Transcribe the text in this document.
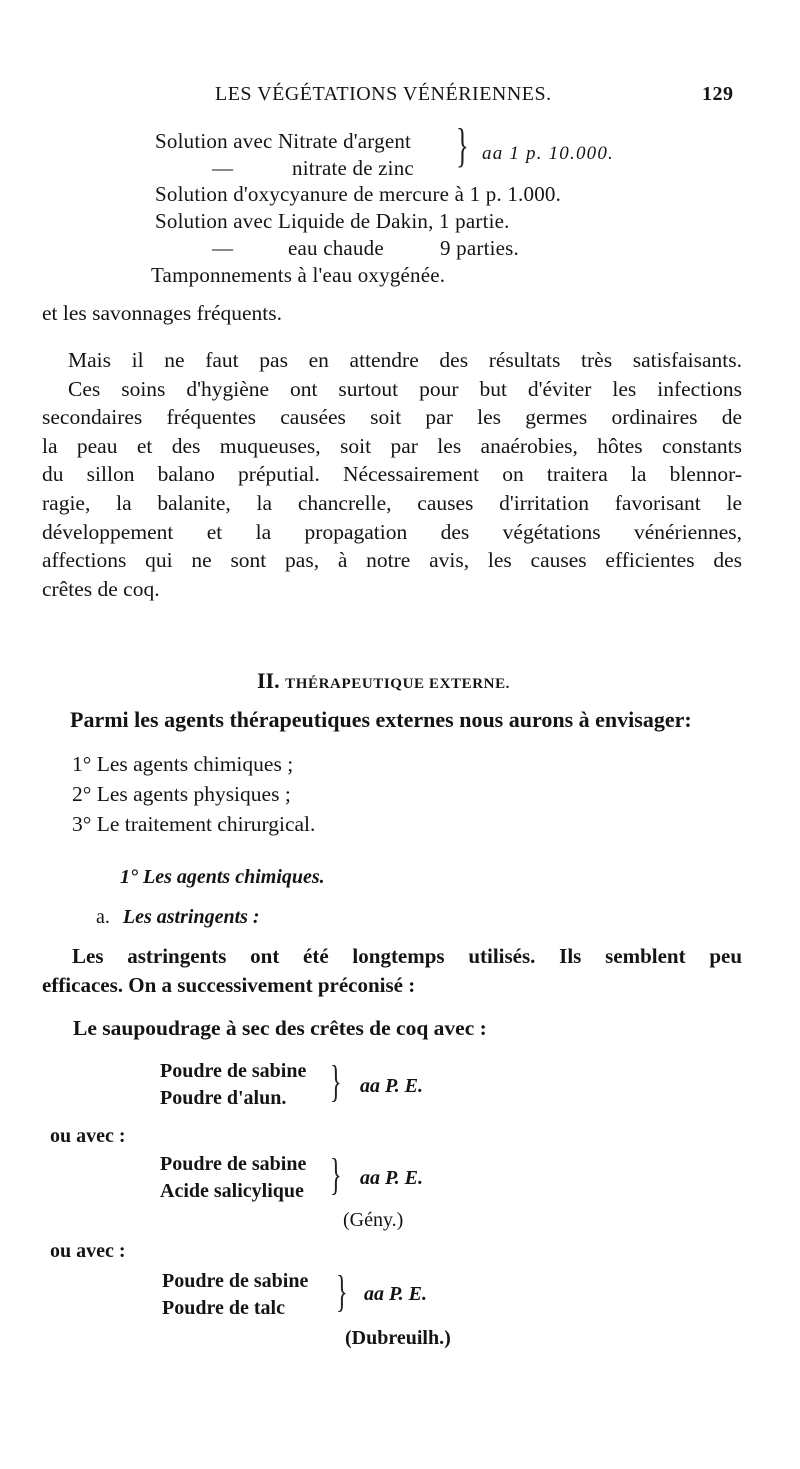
LES VÉGÉTATIONS VÉNÉRIENNES.	129
Solution avec Nitrate d'argent
—	nitrate de zinc } aa 1 p. 10.000.
Solution d'oxycyanure de mercure à 1 p. 1.000.
Solution avec Liquide de Dakin, 1 partie.
—	eau chaude	9 parties.
Tamponnements à l'eau oxygénée.
et les savonnages fréquents.
Mais il ne faut pas en attendre des résultats très satisfaisants.
Ces soins d'hygiène ont surtout pour but d'éviter les infections
secondaires fréquentes causées soit par les germes ordinaires de
la peau et des muqueuses, soit par les anaérobies, hôtes constants
du sillon balano préputial. Nécessairement on traitera la blennor-
ragie, la balanite, la chancrelle, causes d'irritation favorisant le
développement et la propagation des végétations vénériennes,
affections qui ne sont pas, à notre avis, les causes efficientes des
crêtes de coq.
II. THÉRAPEUTIQUE EXTERNE.
Parmi les agents thérapeutiques externes nous aurons à envisager:
1° Les agents chimiques ;
2° Les agents physiques ;
3° Le traitement chirurgical.
1° Les agents chimiques.
a. Les astringents :
Les astringents ont été longtemps utilisés. Ils semblent peu
efficaces. On a successivement préconisé :
Le saupoudrage à sec des crêtes de coq avec :
Poudre de sabine
Poudre d'alun. } aa P. E.
ou avec :
Poudre de sabine
Acide salicylique } aa P. E.
(Gény.)
ou avec :
Poudre de sabine
Poudre de talc } aa P. E.
(Dubreuilh.)
